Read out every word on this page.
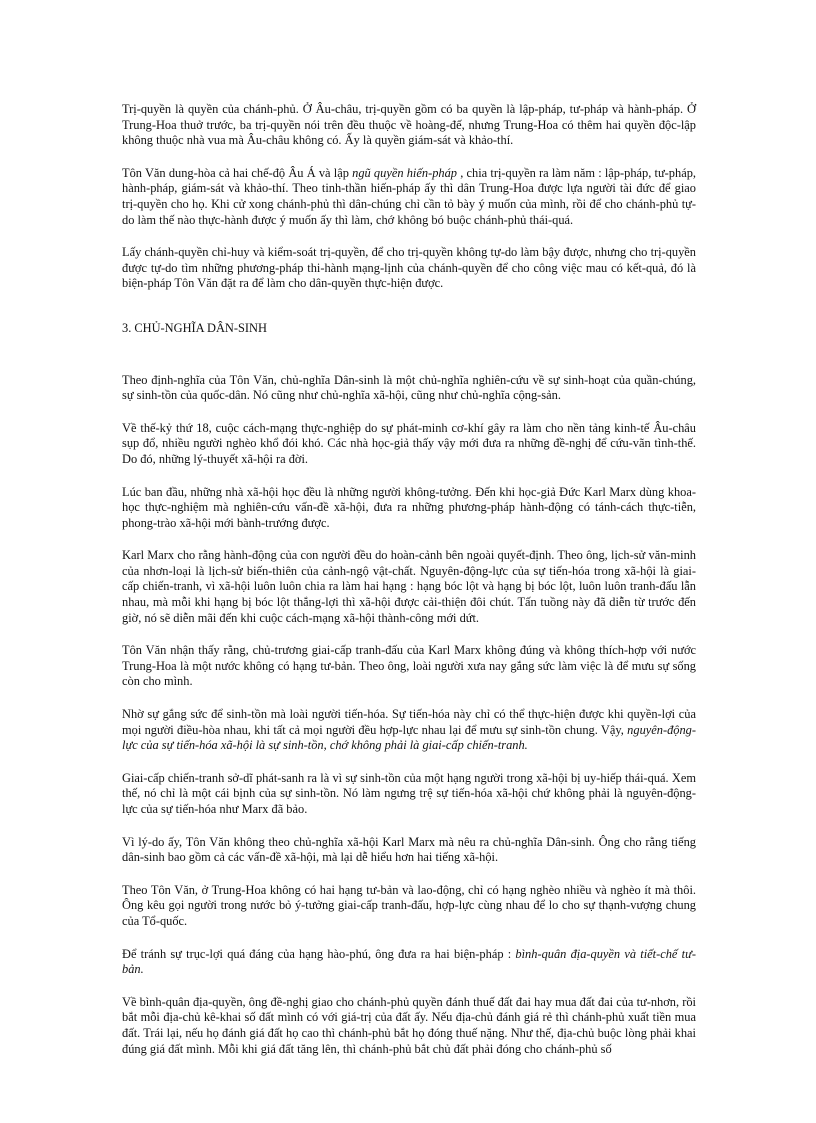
Trị-quyền là quyền của chánh-phủ. Ở Âu-châu, trị-quyền gồm có ba quyền là lập-pháp, tư-pháp và hành-pháp. Ở Trung-Hoa thuở trước, ba trị-quyền nói trên đều thuộc về hoàng-đế, nhưng Trung-Hoa có thêm hai quyền độc-lập không thuộc nhà vua mà Âu-châu không có. Ấy là quyền giám-sát và khảo-thí.

Tôn Văn dung-hòa cả hai chế-độ Âu Á và lập ngũ quyền hiến-pháp , chia trị-quyền ra làm năm : lập-pháp, tư-pháp, hành-pháp, giám-sát và khảo-thí. Theo tinh-thần hiến-pháp ấy thì dân Trung-Hoa được lựa người tài đức để giao trị-quyền cho họ. Khi cử xong chánh-phủ thì dân-chúng chỉ cần tỏ bày ý muốn của mình, rồi để cho chánh-phủ tự-do làm thế nào thực-hành được ý muốn ấy thì làm, chớ không bó buộc chánh-phủ thái-quá.

Lấy chánh-quyền chỉ-huy và kiểm-soát trị-quyền, để cho trị-quyền không tự-do làm bậy được, nhưng cho trị-quyền được tự-do tìm những phương-pháp thi-hành mạng-lịnh của chánh-quyền để cho công việc mau có kết-quả, đó là biện-pháp Tôn Văn đặt ra để làm cho dân-quyền thực-hiện được.

3. CHỦ-NGHĨA DÂN-SINH

Theo định-nghĩa của Tôn Văn, chủ-nghĩa Dân-sinh là một chủ-nghĩa nghiên-cứu về sự sinh-hoạt của quần-chúng, sự sinh-tồn của quốc-dân. Nó cũng như chủ-nghĩa xã-hội, cũng như chủ-nghĩa cộng-sản.

Về thế-kỷ thứ 18, cuộc cách-mạng thực-nghiệp do sự phát-minh cơ-khí gây ra làm cho nền tảng kinh-tế Âu-châu sụp đổ, nhiều người nghèo khổ đói khó. Các nhà học-giả thấy vậy mới đưa ra những đề-nghị để cứu-vãn tình-thế. Do đó, những lý-thuyết xã-hội ra đời.

Lúc ban đầu, những nhà xã-hội học đều là những người không-tưởng. Đến khi học-giả Đức Karl Marx dùng khoa-học thực-nghiệm mà nghiên-cứu vấn-đề xã-hội, đưa ra những phương-pháp hành-động có tánh-cách thực-tiễn, phong-trào xã-hội mới bành-trướng được.

Karl Marx cho rằng hành-động của con người đều do hoàn-cảnh bên ngoài quyết-định. Theo ông, lịch-sử văn-minh của nhơn-loại là lịch-sử biến-thiên của cảnh-ngộ vật-chất. Nguyên-động-lực của sự tiến-hóa trong xã-hội là giai-cấp chiến-tranh, vì xã-hội luôn luôn chia ra làm hai hạng : hạng bóc lột và hạng bị bóc lột, luôn luôn tranh-đấu lẫn nhau, mà mỗi khi hạng bị bóc lột thắng-lợi thì xã-hội được cải-thiện đôi chút. Tấn tuồng này đã diễn từ trước đến giờ, nó sẽ diễn mãi đến khi cuộc cách-mạng xã-hội thành-công mới dứt.

Tôn Văn nhận thấy rằng, chủ-trương giai-cấp tranh-đấu của Karl Marx không đúng và không thích-hợp với nước Trung-Hoa là một nước không có hạng tư-bản. Theo ông, loài người xưa nay gắng sức làm việc là để mưu sự sống còn cho mình.

Nhờ sự gắng sức để sinh-tồn mà loài người tiến-hóa. Sự tiến-hóa này chỉ có thể thực-hiện được khi quyền-lợi của mọi người điều-hòa nhau, khi tất cả mọi người đều hợp-lực nhau lại để mưu sự sinh-tồn chung. Vậy, nguyên-động-lực của sự tiến-hóa xã-hội là sự sinh-tồn, chớ không phải là giai-cấp chiến-tranh.

Giai-cấp chiến-tranh sở-dĩ phát-sanh ra là vì sự sinh-tồn của một hạng người trong xã-hội bị uy-hiếp thái-quá. Xem thế, nó chỉ là một cái bịnh của sự sinh-tồn. Nó làm ngưng trệ sự tiến-hóa xã-hội chứ không phải là nguyên-động-lực của sự tiến-hóa như Marx đã bảo.

Vì lý-do ấy, Tôn Văn không theo chủ-nghĩa xã-hội Karl Marx mà nêu ra chủ-nghĩa Dân-sinh. Ông cho rằng tiếng dân-sinh bao gồm cả các vấn-đề xã-hội, mà lại dễ hiểu hơn hai tiếng xã-hội.

Theo Tôn Văn, ở Trung-Hoa không có hai hạng tư-bản và lao-động, chỉ có hạng nghèo nhiều và nghèo ít mà thôi. Ông kêu gọi người trong nước bỏ ý-tưởng giai-cấp tranh-đấu, hợp-lực cùng nhau để lo cho sự thạnh-vượng chung của Tổ-quốc.

Để tránh sự trục-lợi quá đáng của hạng hào-phú, ông đưa ra hai biện-pháp : bình-quân địa-quyền và tiết-chế tư-bản.

Về bình-quân địa-quyền, ông đề-nghị giao cho chánh-phủ quyền đánh thuế đất đai hay mua đất đai của tư-nhơn, rồi bắt mỗi địa-chủ kê-khai số đất mình có với giá-trị của đất ấy. Nếu địa-chủ đánh giá rẻ thì chánh-phủ xuất tiền mua đất. Trái lại, nếu họ đánh giá đất họ cao thì chánh-phủ bắt họ đóng thuế nặng. Như thế, địa-chủ buộc lòng phải khai đúng giá đất mình. Mỗi khi giá đất tăng lên, thì chánh-phủ bắt chủ đất phải đóng cho chánh-phủ số
